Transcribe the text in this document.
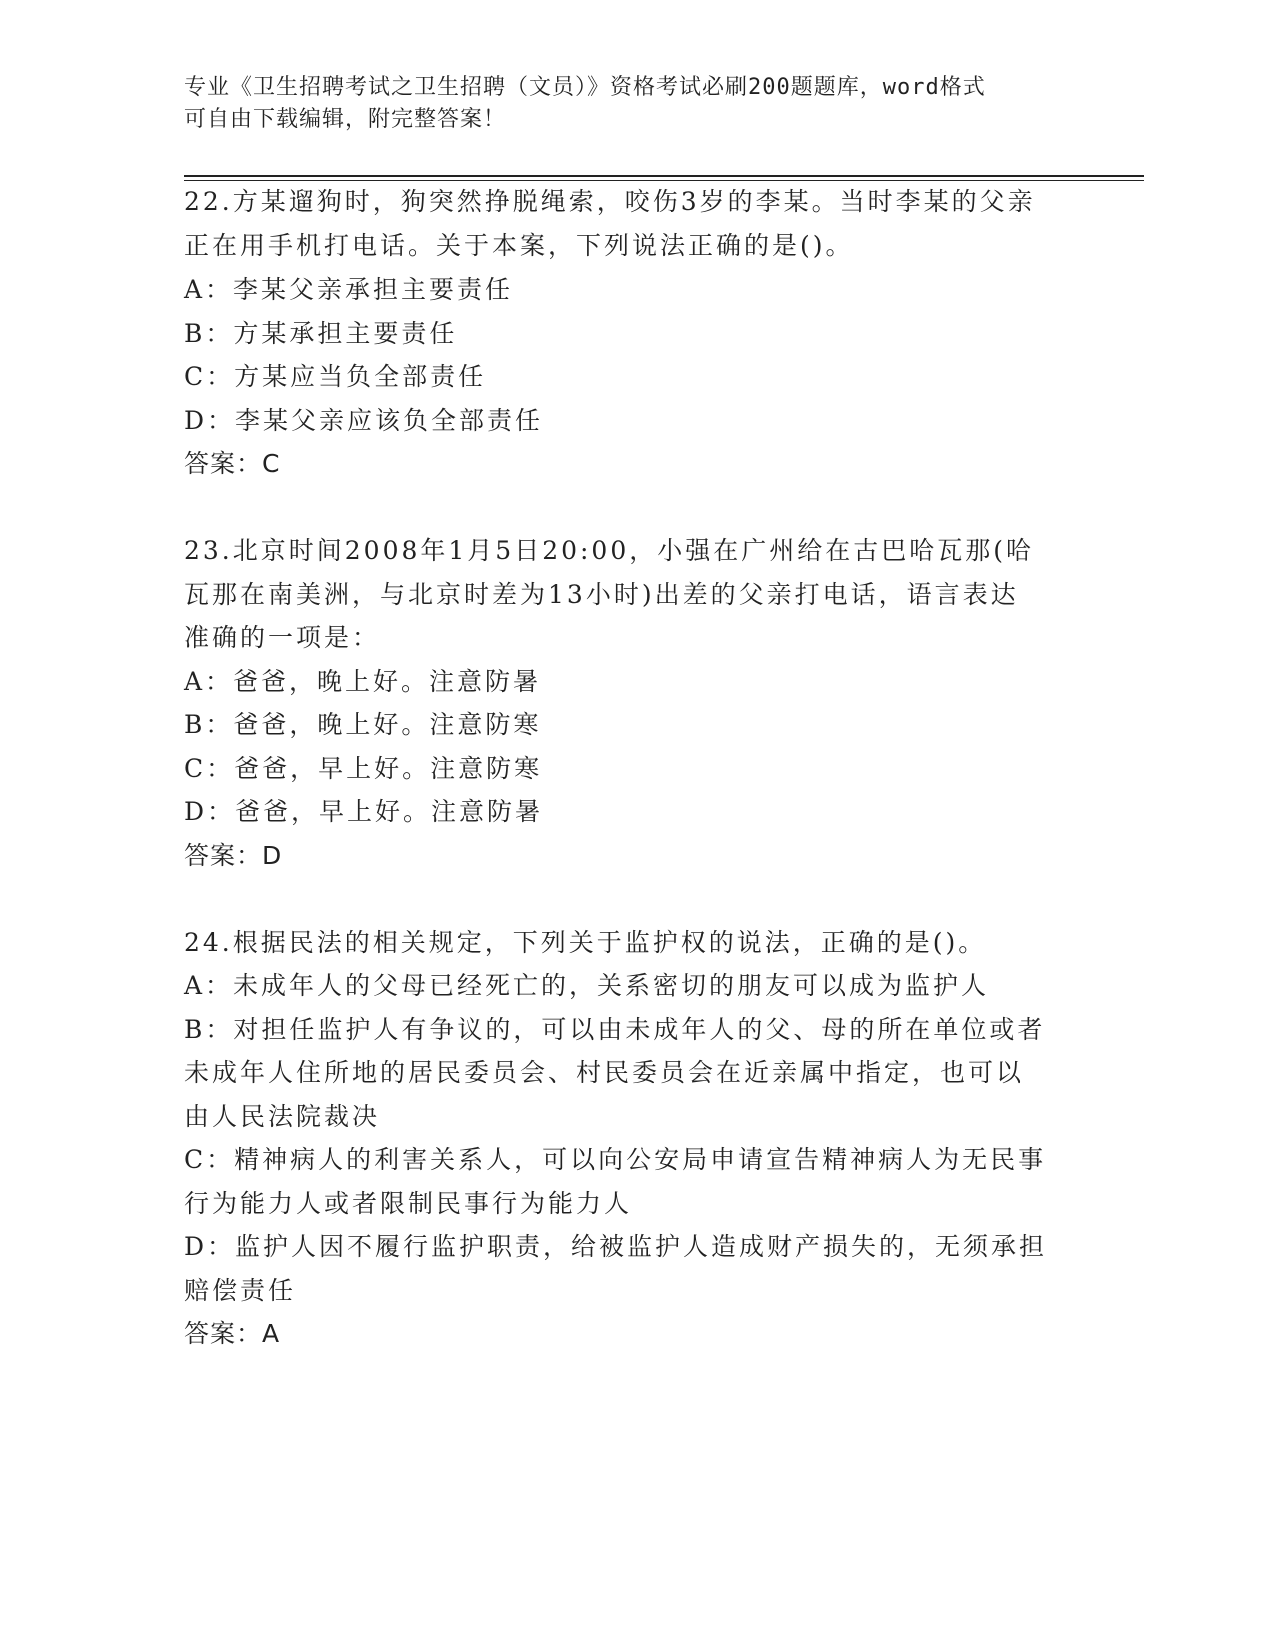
专业《卫生招聘考试之卫生招聘（文员）》资格考试必刷200题题库，word格式
可自由下载编辑，附完整答案！
22.方某遛狗时，狗突然挣脱绳索，咬伤3岁的李某。当时李某的父亲
正在用手机打电话。关于本案，下列说法正确的是()。
A：李某父亲承担主要责任
B：方某承担主要责任
C：方某应当负全部责任
D：李某父亲应该负全部责任
答案：C
23.北京时间2008年1月5日20:00，小强在广州给在古巴哈瓦那(哈
瓦那在南美洲，与北京时差为13小时)出差的父亲打电话，语言表达
准确的一项是：
A：爸爸，晚上好。注意防暑
B：爸爸，晚上好。注意防寒
C：爸爸，早上好。注意防寒
D：爸爸，早上好。注意防暑
答案：D
24.根据民法的相关规定，下列关于监护权的说法，正确的是()。
A：未成年人的父母已经死亡的，关系密切的朋友可以成为监护人
B：对担任监护人有争议的，可以由未成年人的父、母的所在单位或者
未成年人住所地的居民委员会、村民委员会在近亲属中指定，也可以
由人民法院裁决
C：精神病人的利害关系人，可以向公安局申请宣告精神病人为无民事
行为能力人或者限制民事行为能力人
D：监护人因不履行监护职责，给被监护人造成财产损失的，无须承担
赔偿责任
答案：A
